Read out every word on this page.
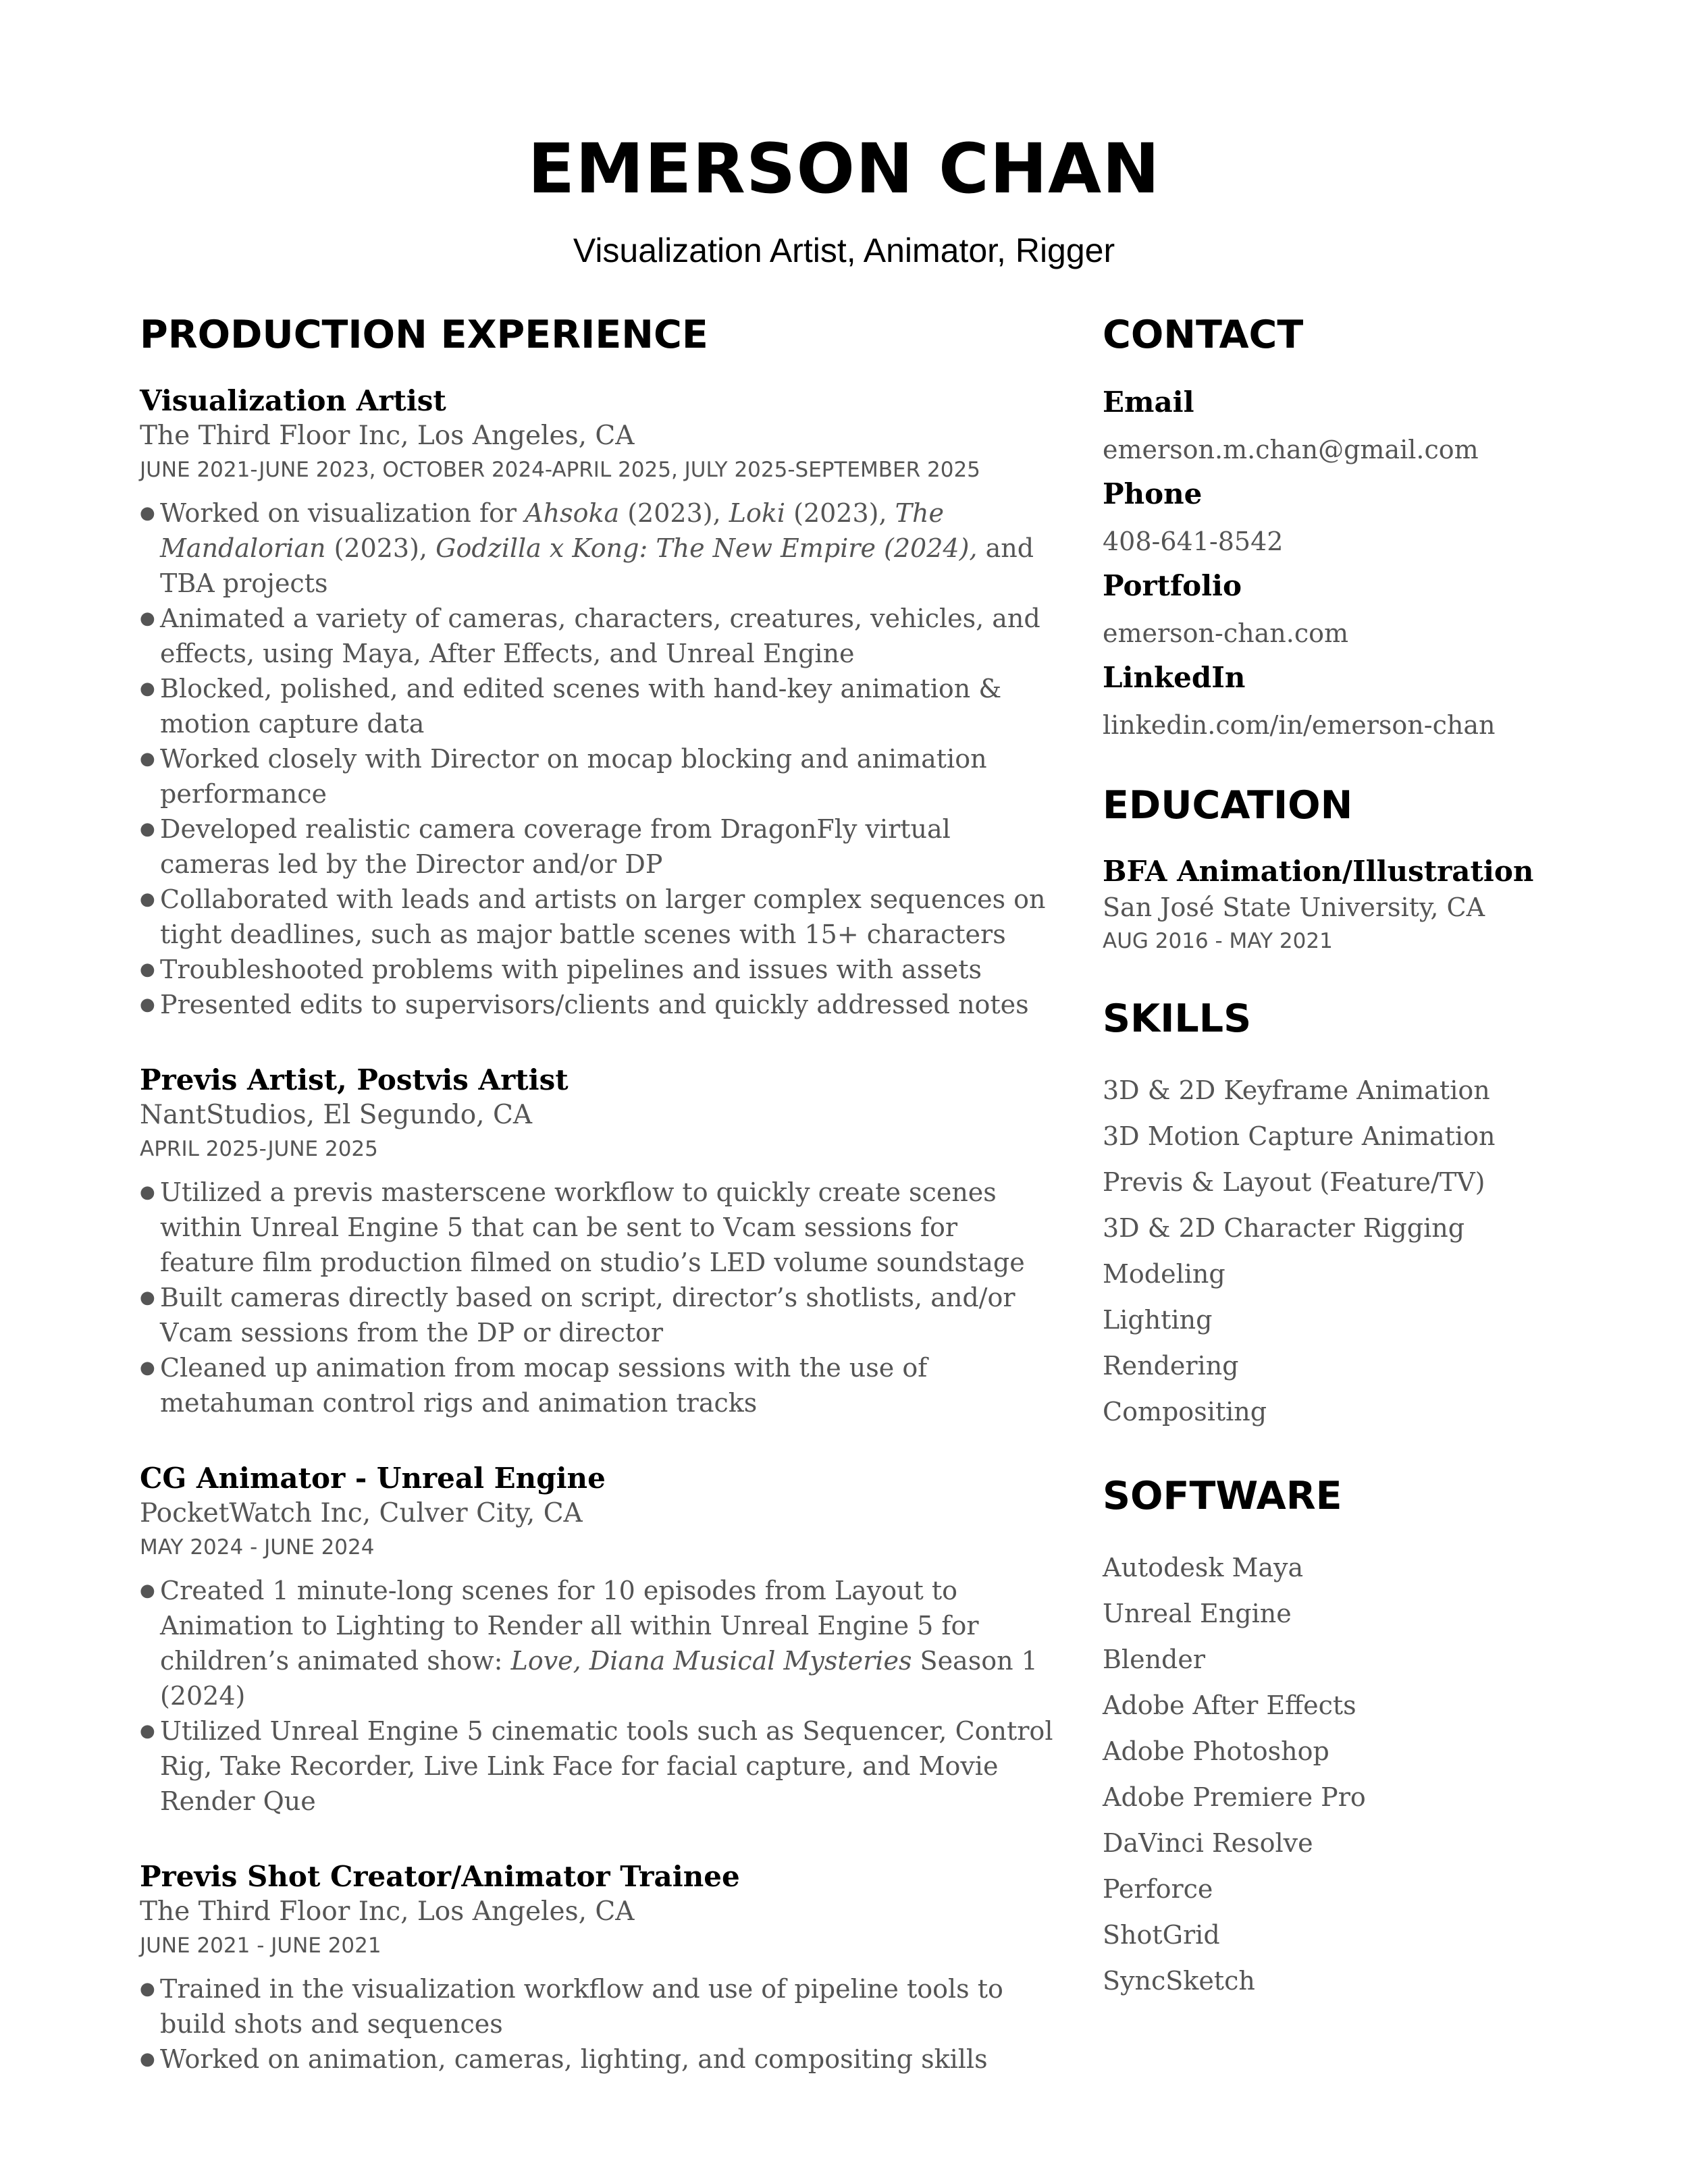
EMERSON CHAN
Visualization Artist, Animator, Rigger
PRODUCTION EXPERIENCE
Visualization Artist
The Third Floor Inc, Los Angeles, CA
JUNE 2021-JUNE 2023, OCTOBER 2024-APRIL 2025, JULY 2025-SEPTEMBER 2025
● Worked on visualization for Ahsoka (2023), Loki (2023), The Mandalorian (2023), Godzilla x Kong: The New Empire (2024), and TBA projects
● Animated a variety of cameras, characters, creatures, vehicles, and effects, using Maya, After Effects, and Unreal Engine
● Blocked, polished, and edited scenes with hand-key animation & motion capture data
● Worked closely with Director on mocap blocking and animation performance
● Developed realistic camera coverage from DragonFly virtual cameras led by the Director and/or DP
● Collaborated with leads and artists on larger complex sequences on tight deadlines, such as major battle scenes with 15+ characters
● Troubleshooted problems with pipelines and issues with assets
● Presented edits to supervisors/clients and quickly addressed notes
Previs Artist, Postvis Artist
NantStudios, El Segundo, CA
APRIL 2025-JUNE 2025
● Utilized a previs masterscene workflow to quickly create scenes within Unreal Engine 5 that can be sent to Vcam sessions for feature film production filmed on studio’s LED volume soundstage
● Built cameras directly based on script, director’s shotlists, and/or Vcam sessions from the DP or director
● Cleaned up animation from mocap sessions with the use of metahuman control rigs and animation tracks
CG Animator - Unreal Engine
PocketWatch Inc, Culver City, CA
MAY 2024 - JUNE 2024
● Created 1 minute-long scenes for 10 episodes from Layout to Animation to Lighting to Render all within Unreal Engine 5 for children’s animated show: Love, Diana Musical Mysteries Season 1 (2024)
● Utilized Unreal Engine 5 cinematic tools such as Sequencer, Control Rig, Take Recorder, Live Link Face for facial capture, and Movie Render Que
Previs Shot Creator/Animator Trainee
The Third Floor Inc, Los Angeles, CA
JUNE 2021 - JUNE 2021
● Trained in the visualization workflow and use of pipeline tools to build shots and sequences
● Worked on animation, cameras, lighting, and compositing skills
CONTACT
Email
emerson.m.chan@gmail.com
Phone
408-641-8542
Portfolio
emerson-chan.com
LinkedIn
linkedin.com/in/emerson-chan
EDUCATION
BFA Animation/Illustration
San José State University, CA
AUG 2016 - MAY 2021
SKILLS
3D & 2D Keyframe Animation
3D Motion Capture Animation
Previs & Layout (Feature/TV)
3D & 2D Character Rigging
Modeling
Lighting
Rendering
Compositing
SOFTWARE
Autodesk Maya
Unreal Engine
Blender
Adobe After Effects
Adobe Photoshop
Adobe Premiere Pro
DaVinci Resolve
Perforce
ShotGrid
SyncSketch
